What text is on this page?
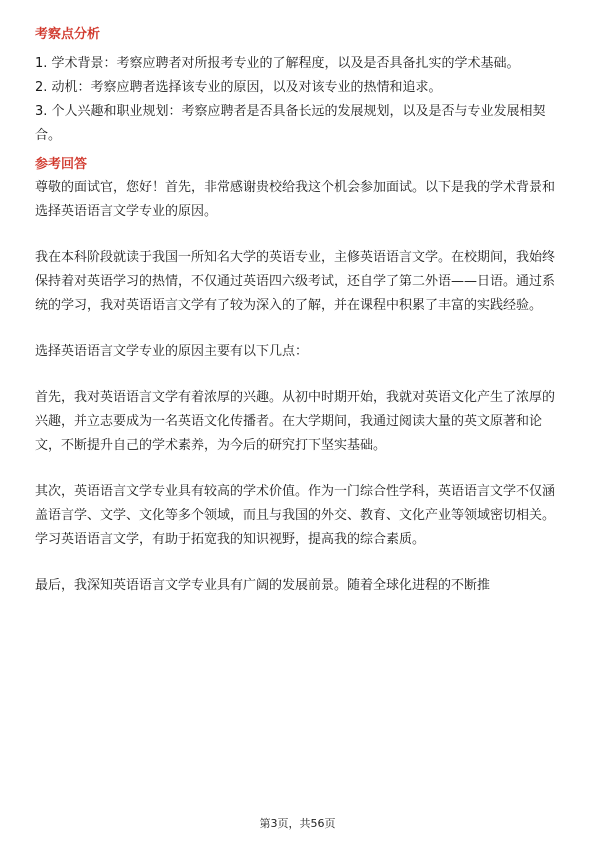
考察点分析

1. 学术背景：考察应聘者对所报考专业的了解程度，以及是否具备扎实的学术基础。

2. 动机：考察应聘者选择该专业的原因，以及对该专业的热情和追求。

3. 个人兴趣和职业规划：考察应聘者是否具备长远的发展规划，以及是否与专业发展相契合。

参考回答

尊敬的面试官，您好！首先，非常感谢贵校给我这个机会参加面试。以下是我的学术背景和选择英语语言文学专业的原因。

我在本科阶段就读于我国一所知名大学的英语专业，主修英语语言文学。在校期间，我始终保持着对英语学习的热情，不仅通过英语四六级考试，还自学了第二外语——日语。通过系统的学习，我对英语语言文学有了较为深入的了解，并在课程中积累了丰富的实践经验。

选择英语语言文学专业的原因主要有以下几点：

首先，我对英语语言文学有着浓厚的兴趣。从初中时期开始，我就对英语文化产生了浓厚的兴趣，并立志要成为一名英语文化传播者。在大学期间，我通过阅读大量的英文原著和论文，不断提升自己的学术素养，为今后的研究打下坚实基础。

其次，英语语言文学专业具有较高的学术价值。作为一门综合性学科，英语语言文学不仅涵盖语言学、文学、文化等多个领域，而且与我国的外交、教育、文化产业等领域密切相关。学习英语语言文学，有助于拓宽我的知识视野，提高我的综合素质。

最后，我深知英语语言文学专业具有广阔的发展前景。随着全球化进程的不断推

第3页，共56页
